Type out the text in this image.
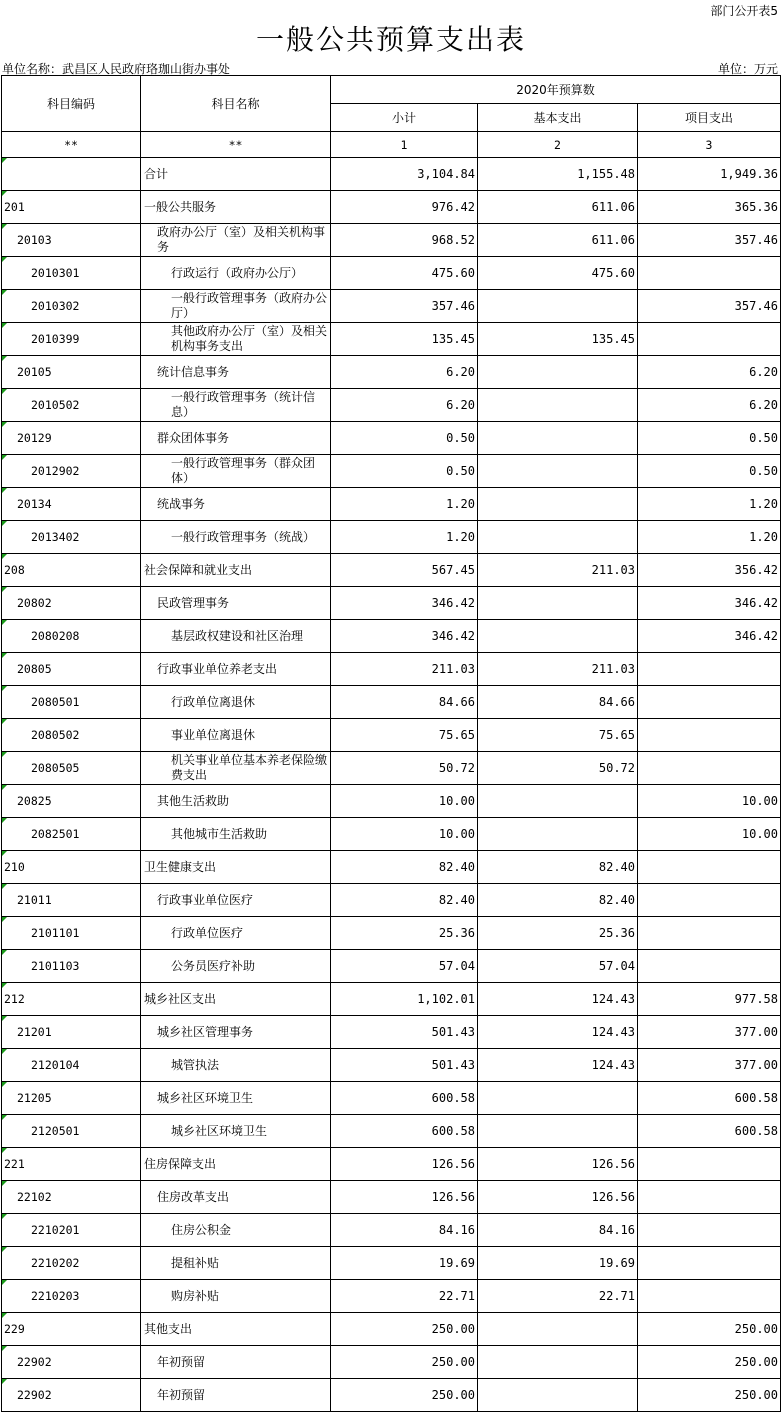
部门公开表5
一般公共预算支出表
单位名称：武昌区人民政府珞珈山街办事处	单位：万元
科目编码	科目名称	2020年预算数		
		小计	基本支出	项目支出
**	**	1	2	3
	合计	3,104.84	1,155.48	1,949.36
201	一般公共服务	976.42	611.06	365.36
20103	政府办公厅（室）及相关机构事务	968.52	611.06	357.46
2010301	行政运行（政府办公厅）	475.60	475.60	
2010302	一般行政管理事务（政府办公厅）	357.46		357.46
2010399	其他政府办公厅（室）及相关机构事务支出	135.45	135.45	
20105	统计信息事务	6.20		6.20
2010502	一般行政管理事务（统计信息）	6.20		6.20
20129	群众团体事务	0.50		0.50
2012902	一般行政管理事务（群众团体）	0.50		0.50
20134	统战事务	1.20		1.20
2013402	一般行政管理事务（统战）	1.20		1.20
208	社会保障和就业支出	567.45	211.03	356.42
20802	民政管理事务	346.42		346.42
2080208	基层政权建设和社区治理	346.42		346.42
20805	行政事业单位养老支出	211.03	211.03	
2080501	行政单位离退休	84.66	84.66	
2080502	事业单位离退休	75.65	75.65	
2080505	机关事业单位基本养老保险缴费支出	50.72	50.72	
20825	其他生活救助	10.00		10.00
2082501	其他城市生活救助	10.00		10.00
210	卫生健康支出	82.40	82.40	
21011	行政事业单位医疗	82.40	82.40	
2101101	行政单位医疗	25.36	25.36	
2101103	公务员医疗补助	57.04	57.04	
212	城乡社区支出	1,102.01	124.43	977.58
21201	城乡社区管理事务	501.43	124.43	377.00
2120104	城管执法	501.43	124.43	377.00
21205	城乡社区环境卫生	600.58		600.58
2120501	城乡社区环境卫生	600.58		600.58
221	住房保障支出	126.56	126.56	
22102	住房改革支出	126.56	126.56	
2210201	住房公积金	84.16	84.16	
2210202	提租补贴	19.69	19.69	
2210203	购房补贴	22.71	22.71	
229	其他支出	250.00		250.00
22902	年初预留	250.00		250.00
22902	年初预留	250.00		250.00
